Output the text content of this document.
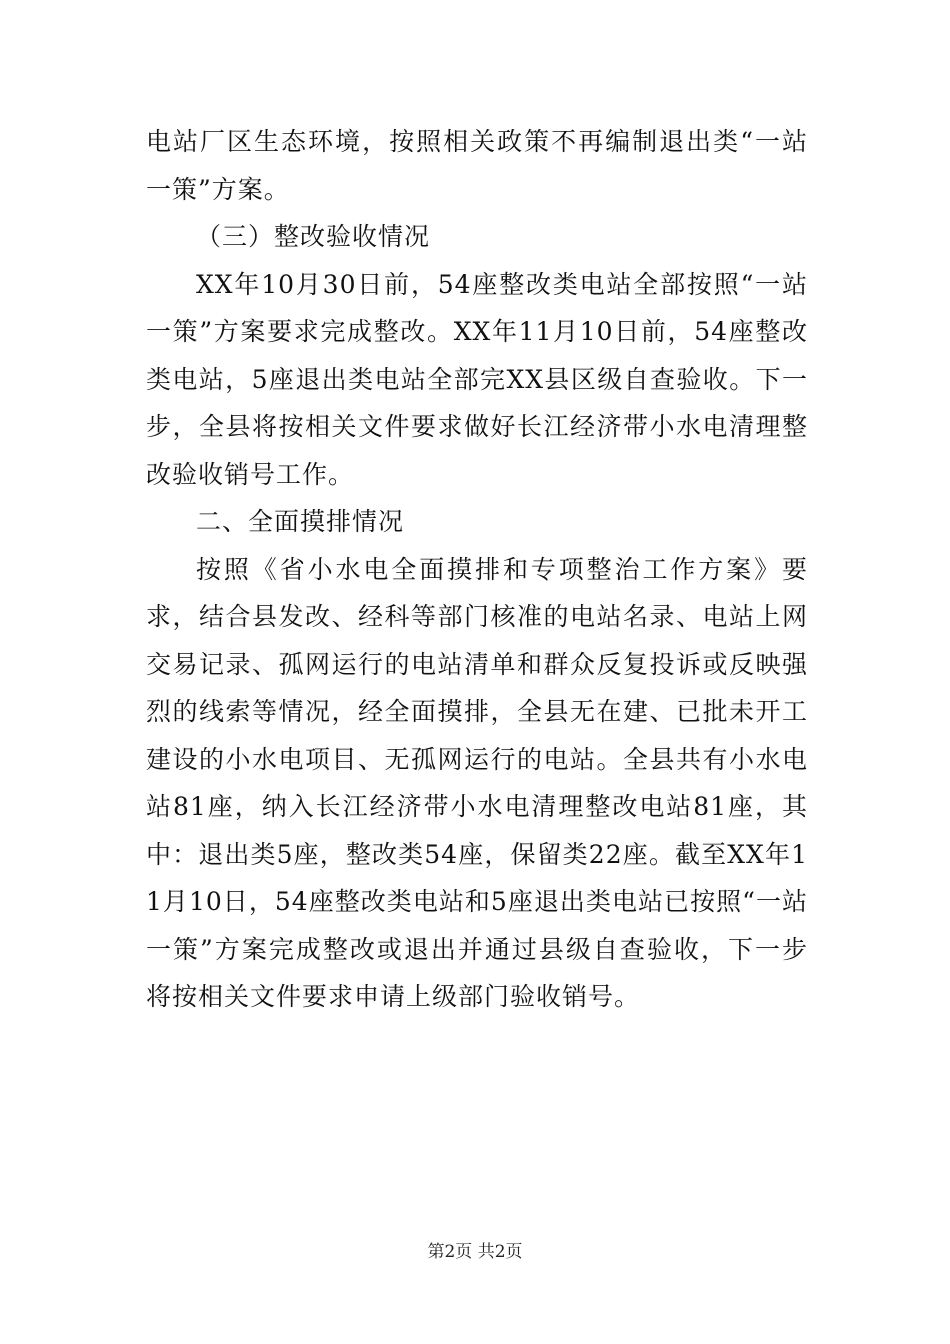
电站厂区生态环境，按照相关政策不再编制退出类“一站一策”方案。

（三）整改验收情况

XX年10月30日前，54座整改类电站全部按照“一站一策”方案要求完成整改。XX年11月10日前，54座整改类电站，5座退出类电站全部完XX县区级自查验收。下一步，全县将按相关文件要求做好长江经济带小水电清理整改验收销号工作。

二、全面摸排情况

按照《省小水电全面摸排和专项整治工作方案》要求，结合县发改、经科等部门核准的电站名录、电站上网交易记录、孤网运行的电站清单和群众反复投诉或反映强烈的线索等情况，经全面摸排，全县无在建、已批未开工建设的小水电项目、无孤网运行的电站。全县共有小水电站81座，纳入长江经济带小水电清理整改电站81座，其中：退出类5座，整改类54座，保留类22座。截至XX年11月10日，54座整改类电站和5座退出类电站已按照“一站一策”方案完成整改或退出并通过县级自查验收，下一步将按相关文件要求申请上级部门验收销号。

第2页 共2页
